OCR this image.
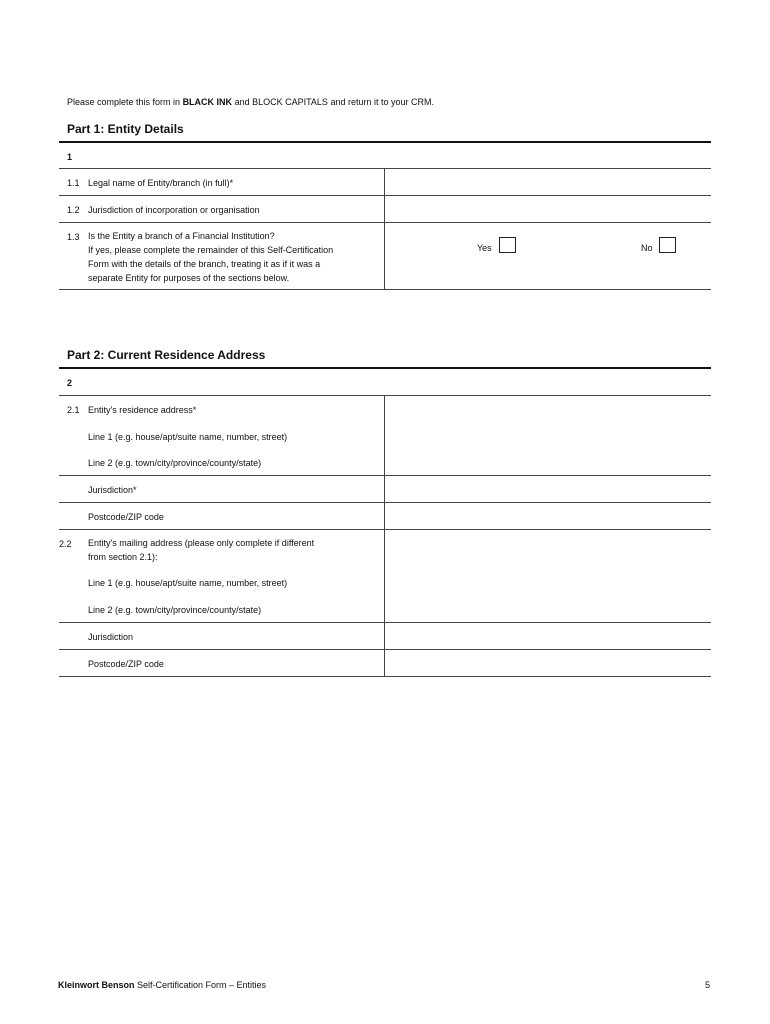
Please complete this form in BLACK INK and BLOCK CAPITALS and return it to your CRM.
Part 1: Entity Details
1
1.1 Legal name of Entity/branch (in full)*
1.2 Jurisdiction of incorporation or organisation
1.3 Is the Entity a branch of a Financial Institution?
If yes, please complete the remainder of this Self-Certification
Form with the details of the branch, treating it as if it was a
separate Entity for purposes of the sections below.
Yes	No
Part 2: Current Residence Address
2
2.1 Entity's residence address*
Line 1 (e.g. house/apt/suite name, number, street)
Line 2 (e.g. town/city/province/county/state)
Jurisdiction*
Postcode/ZIP code
2.2 Entity's mailing address (please only complete if different
from section 2.1):
Line 1 (e.g. house/apt/suite name, number, street)
Line 2 (e.g. town/city/province/county/state)
Jurisdiction
Postcode/ZIP code
Kleinwort Benson Self-Certification Form – Entities	5
